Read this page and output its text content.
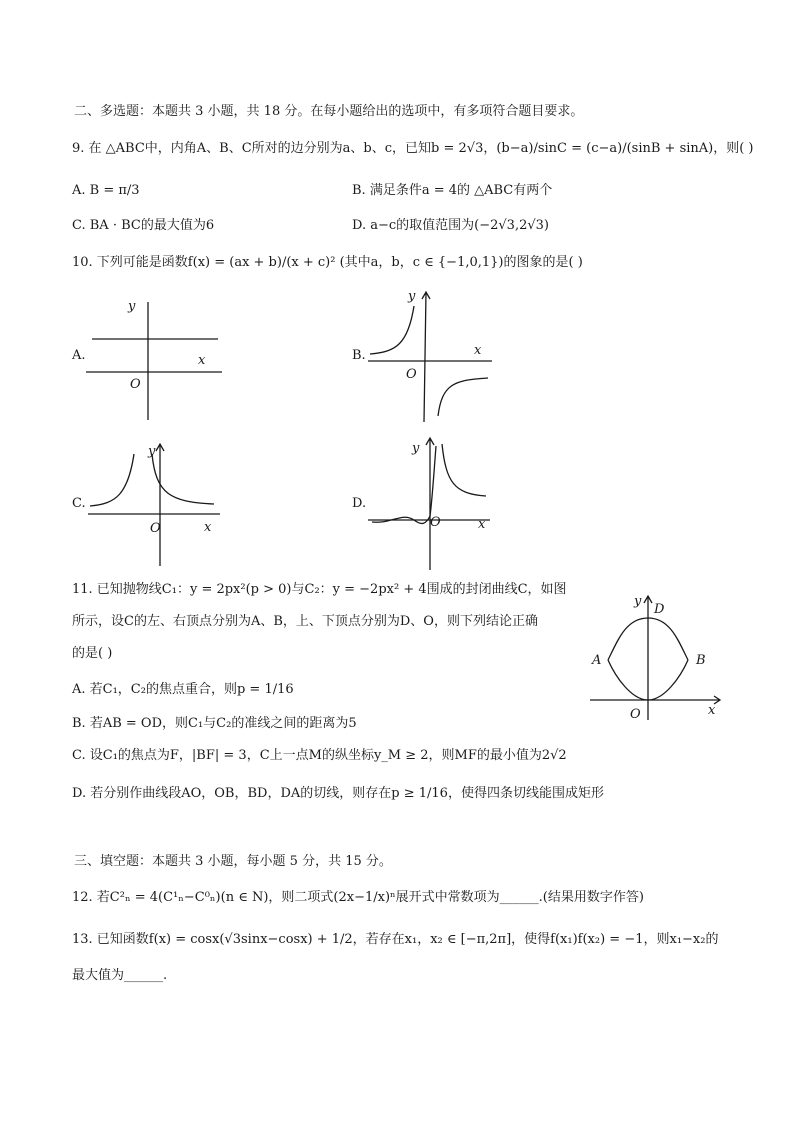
二、多选题：本题共 3 小题，共 18 分。在每小题给出的选项中，有多项符合题目要求。
9. 在 △ABC中，内角A、B、C所对的边分别为a、b、c，已知b = 2√3，(b−a)/sinC = (c−a)/(sinB + sinA)，则( )
A. B = π/3	B. 满足条件a = 4的 △ABC有两个
C. BA · BC的最大值为6	D. a−c的取值范围为(−2√3,2√3)
10. 下列可能是函数f(x) = (ax + b)/(x + c)² (其中a，b，c ∈ {−1,0,1})的图象的是( )
A.
y
x
O
B.
y
x
O
C.
y
x
O
D.
y
x
O
11. 已知抛物线C₁：y = 2px²(p > 0)与C₂：y = −2px² + 4围成的封闭曲线C，如图
所示，设C的左、右顶点分别为A、B，上、下顶点分别为D、O，则下列结论正确
的是( )
A. 若C₁，C₂的焦点重合，则p = 1/16
B. 若AB = OD，则C₁与C₂的准线之间的距离为5
C. 设C₁的焦点为F，|BF| = 3，C上一点M的纵坐标y_M ≥ 2，则MF的最小值为2√2
D. 若分别作曲线段AO，OB，BD，DA的切线，则存在p ≥ 1/16，使得四条切线能围成矩形
y
D
A	B
O	x
三、填空题：本题共 3 小题，每小题 5 分，共 15 分。
12. 若C²ₙ = 4(C¹ₙ−C⁰ₙ)(n ∈ N)，则二项式(2x−1/x)ⁿ展开式中常数项为______.(结果用数字作答)
13. 已知函数f(x) = cosx(√3sinx−cosx) + 1/2，若存在x₁，x₂ ∈ [−π,2π]，使得f(x₁)f(x₂) = −1，则x₁−x₂的
最大值为______.
